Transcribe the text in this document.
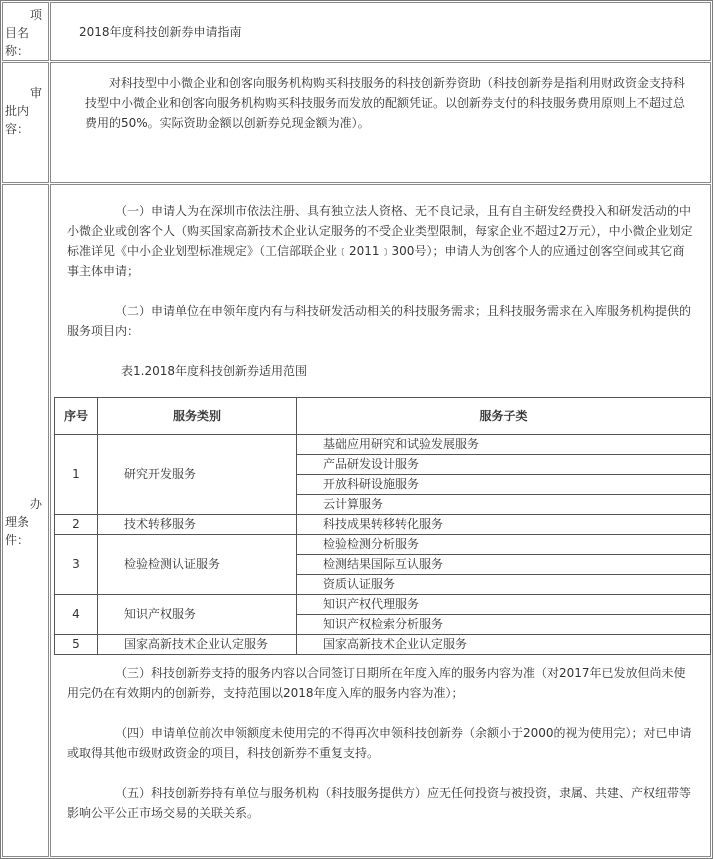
项
目名称：

2018年度科技创新券申请指南

审
批内容：

对科技型中小微企业和创客向服务机构购买科技服务的科技创新券资助（科技创新券是指利用财政资金支持科技型中小微企业和创客向服务机构购买科技服务而发放的配额凭证。以创新券支付的科技服务费用原则上不超过总费用的50%。实际资助金额以创新券兑现金额为准）。

办
理条件：

（一）申请人为在深圳市依法注册、具有独立法人资格、无不良记录，且有自主研发经费投入和研发活动的中小微企业或创客个人（购买国家高新技术企业认定服务的不受企业类型限制，每家企业不超过2万元），中小微企业划定标准详见《中小企业划型标准规定》（工信部联企业﹝2011﹞300号）；申请人为创客个人的应通过创客空间或其它商事主体申请；

（二）申请单位在申领年度内有与科技研发活动相关的科技服务需求；且科技服务需求在入库服务机构提供的服务项目内：

表1.2018年度科技创新券适用范围

序号	服务类别	服务子类
1	研究开发服务	基础应用研究和试验发展服务
产品研发设计服务
开放科研设施服务
云计算服务
2	技术转移服务	科技成果转移转化服务
3	检验检测认证服务	检验检测分析服务
检测结果国际互认服务
资质认证服务
4	知识产权服务	知识产权代理服务
知识产权检索分析服务
5	国家高新技术企业认定服务	国家高新技术企业认定服务

（三）科技创新券支持的服务内容以合同签订日期所在年度入库的服务内容为准（对2017年已发放但尚未使用完仍在有效期内的创新券，支持范围以2018年度入库的服务内容为准）；

（四）申请单位前次申领额度未使用完的不得再次申领科技创新券（余额小于2000的视为使用完）；对已申请或取得其他市级财政资金的项目，科技创新券不重复支持。

（五）科技创新券持有单位与服务机构（科技服务提供方）应无任何投资与被投资，隶属、共建、产权纽带等影响公平公正市场交易的关联关系。
